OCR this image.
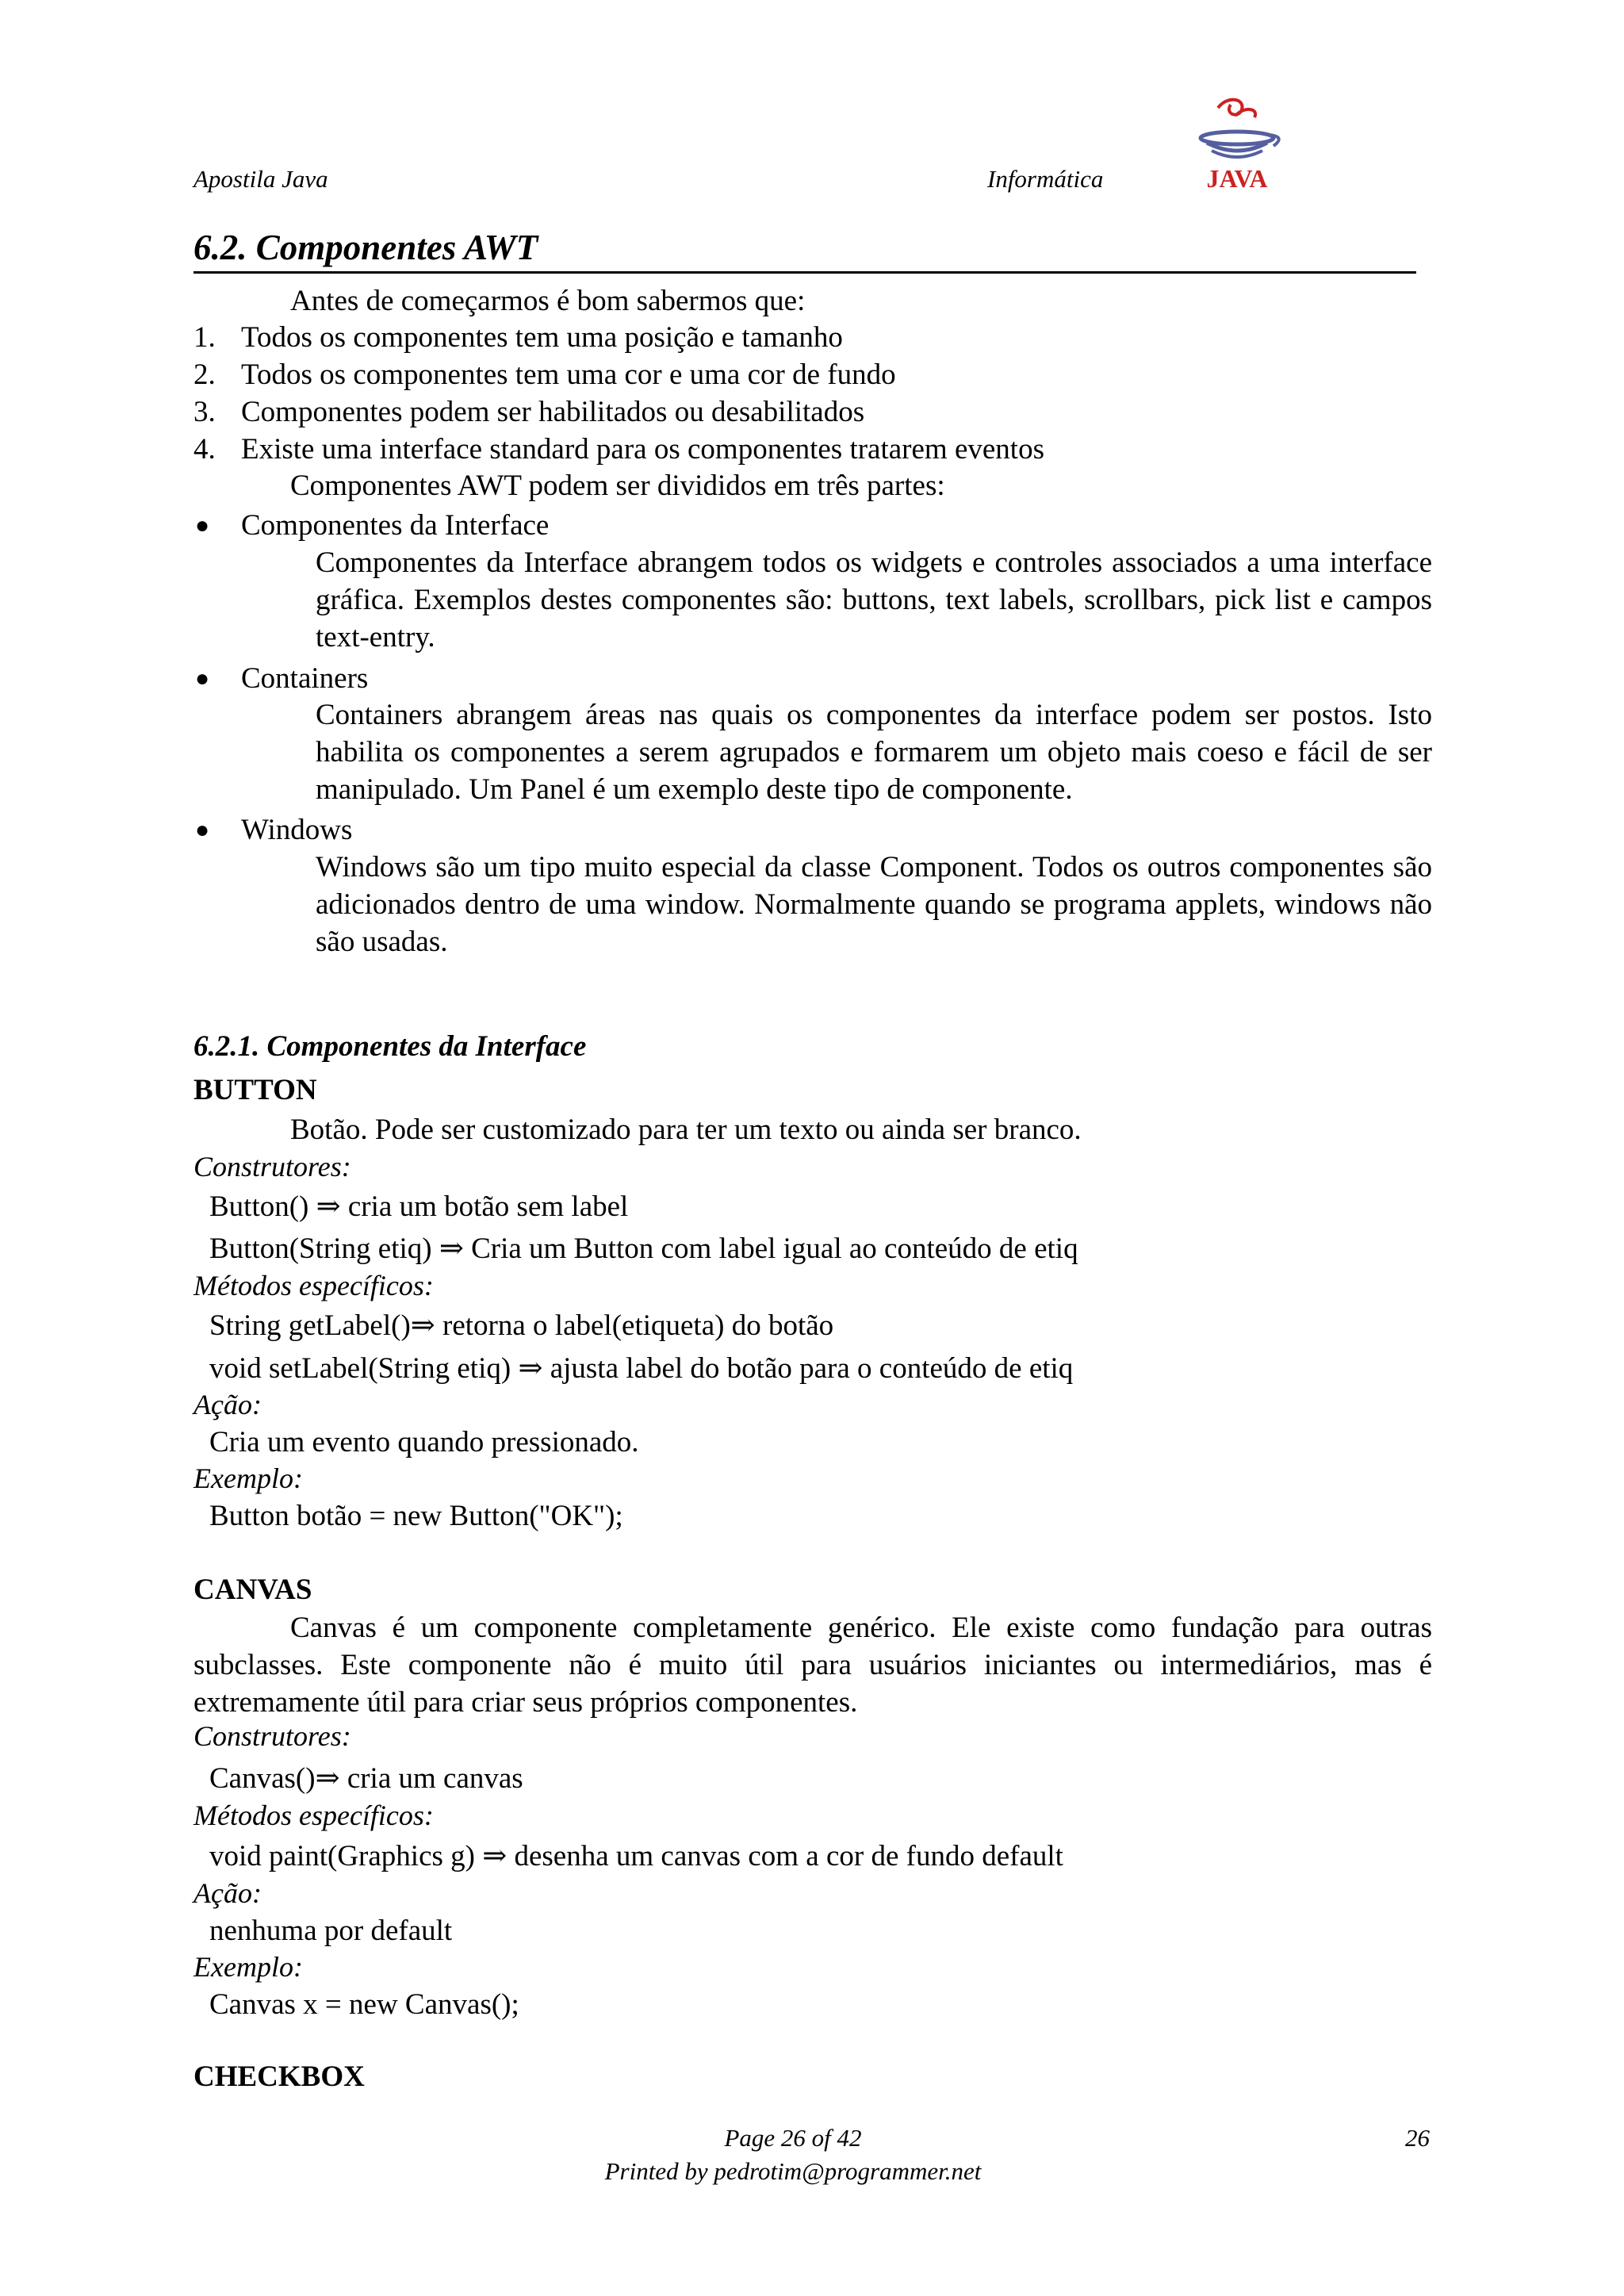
Apostila Java	Informática	JAVA
6.2. Componentes AWT
Antes de começarmos é bom sabermos que:
1. Todos os componentes tem uma posição e tamanho
2. Todos os componentes tem uma cor e uma cor de fundo
3. Componentes podem ser habilitados ou desabilitados
4. Existe uma interface standard para os componentes tratarem eventos
Componentes AWT podem ser divididos em três partes:
● Componentes da Interface
Componentes da Interface abrangem todos os widgets e controles associados a uma interface gráfica. Exemplos destes componentes são: buttons, text labels, scrollbars, pick list e campos text-entry.
● Containers
Containers abrangem áreas nas quais os componentes da interface podem ser postos. Isto habilita os componentes a serem agrupados e formarem um objeto mais coeso e fácil de ser manipulado. Um Panel é um exemplo deste tipo de componente.
● Windows
Windows são um tipo muito especial da classe Component. Todos os outros componentes são adicionados dentro de uma window. Normalmente quando se programa applets, windows não são usadas.
6.2.1. Componentes da Interface
BUTTON
Botão. Pode ser customizado para ter um texto ou ainda ser branco.
Construtores:
Button() ⇒ cria um botão sem label
Button(String etiq) ⇒ Cria um Button com label igual ao conteúdo de etiq
Métodos específicos:
String getLabel()⇒ retorna o label(etiqueta) do botão
void setLabel(String etiq) ⇒ ajusta label do botão para o conteúdo de etiq
Ação:
Cria um evento quando pressionado.
Exemplo:
Button botão = new Button("OK");
CANVAS
Canvas é um componente completamente genérico. Ele existe como fundação para outras subclasses. Este componente não é muito útil para usuários iniciantes ou intermediários, mas é extremamente útil para criar seus próprios componentes.
Construtores:
Canvas()⇒ cria um canvas
Métodos específicos:
void paint(Graphics g) ⇒ desenha um canvas com a cor de fundo default
Ação:
nenhuma por default
Exemplo:
Canvas x = new Canvas();
CHECKBOX
Page 26 of 42
Printed by pedrotim@programmer.net
26
